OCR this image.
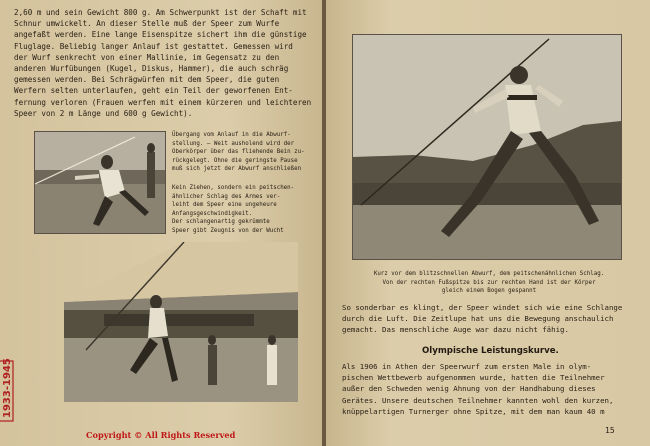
2,60 m und sein Gewicht 800 g. Am Schwerpunkt ist der Schaft mit

Schnur umwickelt. An dieser Stelle muß der Speer zum Wurfe

angefaßt werden. Eine lange Eisenspitze sichert ihm die günstige

Fluglage. Beliebig langer Anlauf ist gestattet. Gemessen wird

der Wurf senkrecht von einer Mallinie, im Gegensatz zu den

anderen Wurfübungen (Kugel, Diskus, Hammer), die auch schräg

gemessen werden. Bei Schrägwürfen mit dem Speer, die guten

Werfern selten unterlaufen, geht ein Teil der geworfenen Ent-

fernung verloren (Frauen werfen mit einem kürzeren und leichteren

Speer von 2 m Länge und 600 g Gewicht).

Übergang vom Anlauf in die Abwurf-

stellung. — Weit ausholend wird der

Oberkörper über das fliehende Bein zu-

rückgelegt. Ohne die geringste Pause

muß sich jetzt der Abwurf anschließen

Kein Ziehen, sondern ein peitschen-

ähnlicher Schlag des Armes ver-

leiht dem Speer eine ungeheure

Anfangsgeschwindigkeit.

Der schlangenartig gekrümmte

Speer gibt Zeugnis von der Wucht

Copyright © All Rights Reserved
1933-1945

Kurz vor dem blitzschnellen Abwurf, dem peitschenähnlichen Schlag.

Von der rechten Fußspitze bis zur rechten Hand ist der Körper

gleich einem Bogen gespannt

So sonderbar es klingt, der Speer windet sich wie eine Schlange

durch die Luft. Die Zeitlupe hat uns die Bewegung anschaulich

gemacht. Das menschliche Auge war dazu nicht fähig.

Olympische Leistungskurve.

Als 1906 in Athen der Speerwurf zum ersten Male in olym-

pischen Wettbewerb aufgenommen wurde, hatten die Teilnehmer

außer den Schweden wenig Ahnung von der Handhabung dieses

Gerätes. Unsere deutschen Teilnehmer kannten wohl den kurzen,

knüppelartigen Turnerger ohne Spitze, mit dem man kaum 40 m

15
